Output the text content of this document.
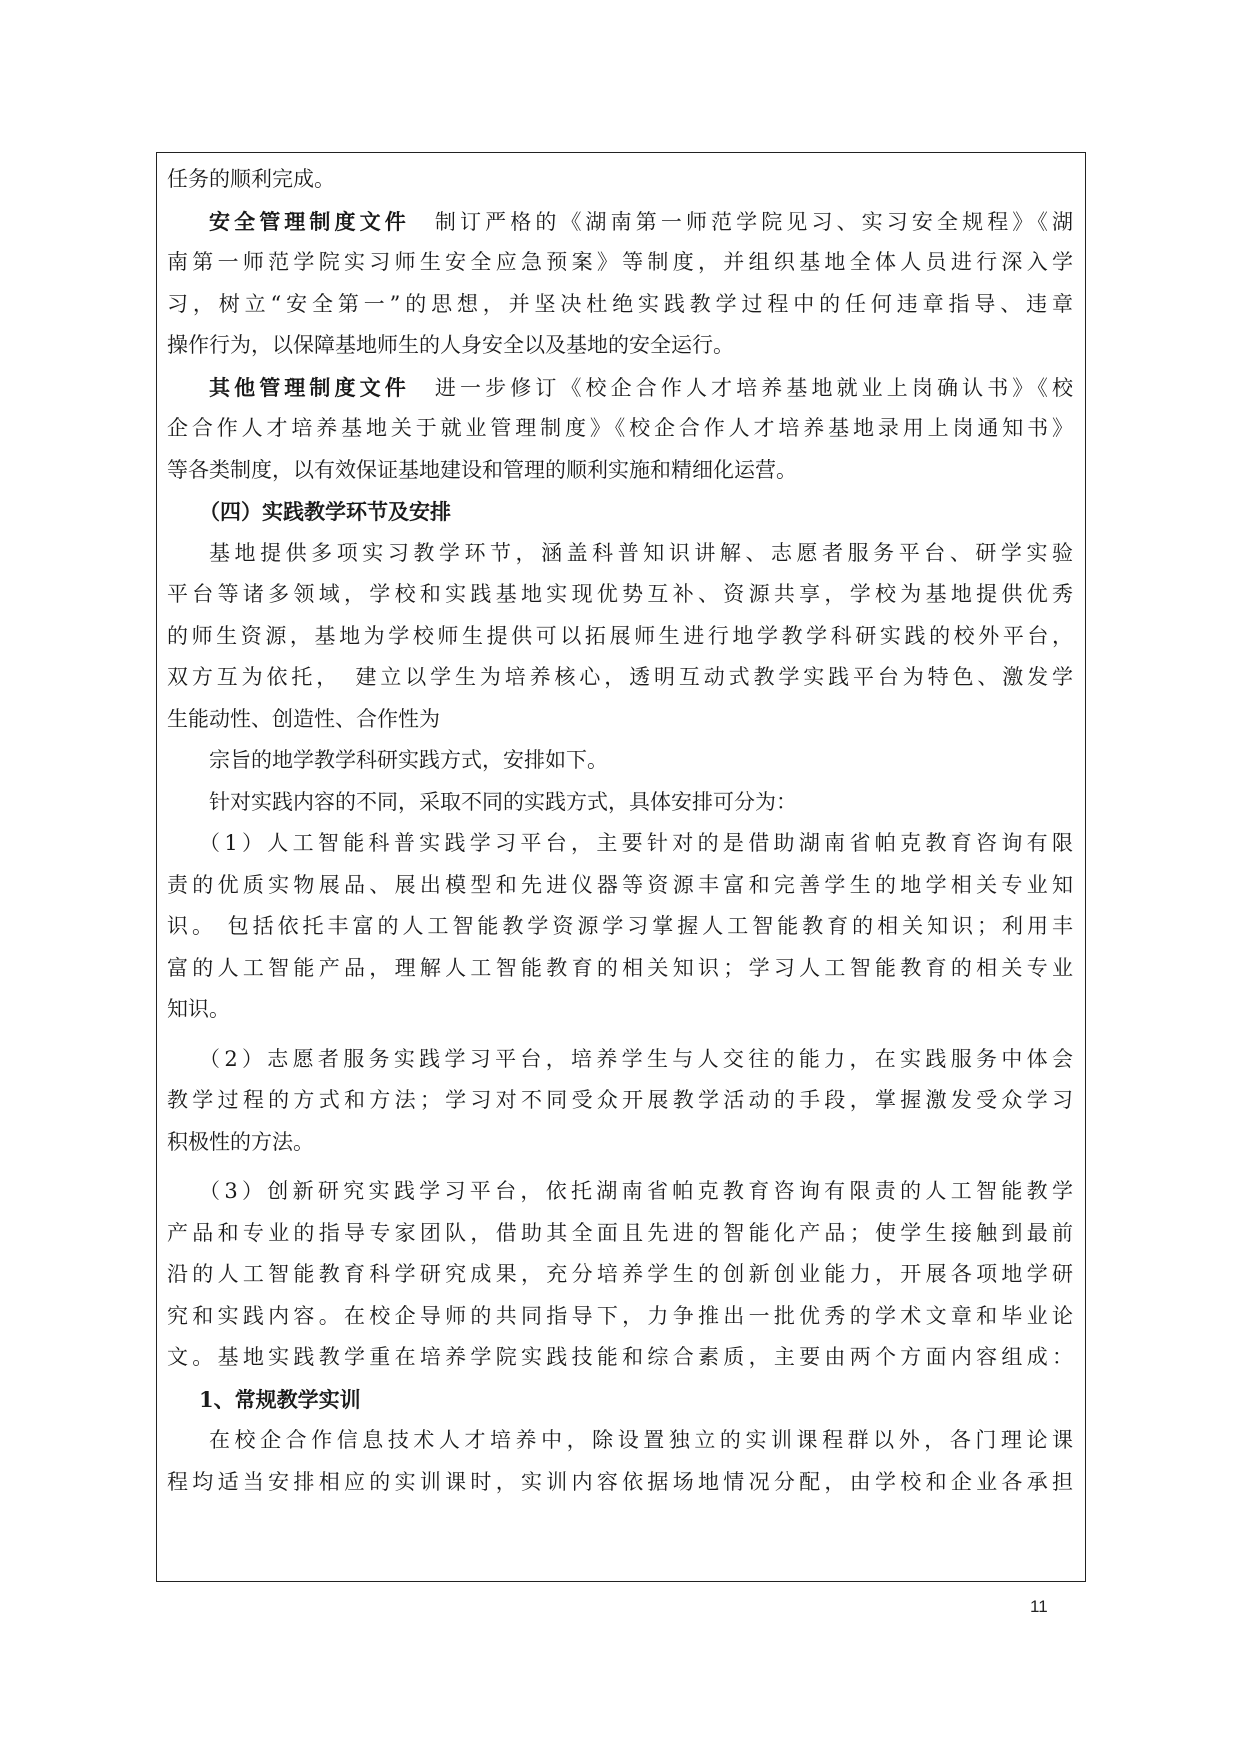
任务的顺利完成。
安全管理制度文件　制订严格的《湖南第一师范学院见习、实习安全规程》《湖
南第一师范学院实习师生安全应急预案》等制度，并组织基地全体人员进行深入学
习，树立“安全第一”的思想，并坚决杜绝实践教学过程中的任何违章指导、违章
操作行为，以保障基地师生的人身安全以及基地的安全运行。
其他管理制度文件　进一步修订《校企合作人才培养基地就业上岗确认书》《校
企合作人才培养基地关于就业管理制度》《校企合作人才培养基地录用上岗通知书》
等各类制度，以有效保证基地建设和管理的顺利实施和精细化运营。
（四）实践教学环节及安排
基地提供多项实习教学环节，涵盖科普知识讲解、志愿者服务平台、研学实验
平台等诸多领域，学校和实践基地实现优势互补、资源共享，学校为基地提供优秀
的师生资源，基地为学校师生提供可以拓展师生进行地学教学科研实践的校外平台，
双方互为依托，　建立以学生为培养核心，透明互动式教学实践平台为特色、激发学
生能动性、创造性、合作性为
宗旨的地学教学科研实践方式，安排如下。
针对实践内容的不同，采取不同的实践方式，具体安排可分为：
（1）人工智能科普实践学习平台，主要针对的是借助湖南省帕克教育咨询有限
责的优质实物展品、展出模型和先进仪器等资源丰富和完善学生的地学相关专业知
识。 包括依托丰富的人工智能教学资源学习掌握人工智能教育的相关知识；利用丰
富的人工智能产品，理解人工智能教育的相关知识；学习人工智能教育的相关专业
知识。
（2）志愿者服务实践学习平台，培养学生与人交往的能力，在实践服务中体会
教学过程的方式和方法；学习对不同受众开展教学活动的手段，掌握激发受众学习
积极性的方法。
（3）创新研究实践学习平台，依托湖南省帕克教育咨询有限责的人工智能教学
产品和专业的指导专家团队，借助其全面且先进的智能化产品；使学生接触到最前
沿的人工智能教育科学研究成果，充分培养学生的创新创业能力，开展各项地学研
究和实践内容。在校企导师的共同指导下，力争推出一批优秀的学术文章和毕业论
文。基地实践教学重在培养学院实践技能和综合素质，主要由两个方面内容组成：
1、常规教学实训
在校企合作信息技术人才培养中，除设置独立的实训课程群以外，各门理论课
程均适当安排相应的实训课时，实训内容依据场地情况分配，由学校和企业各承担
11
